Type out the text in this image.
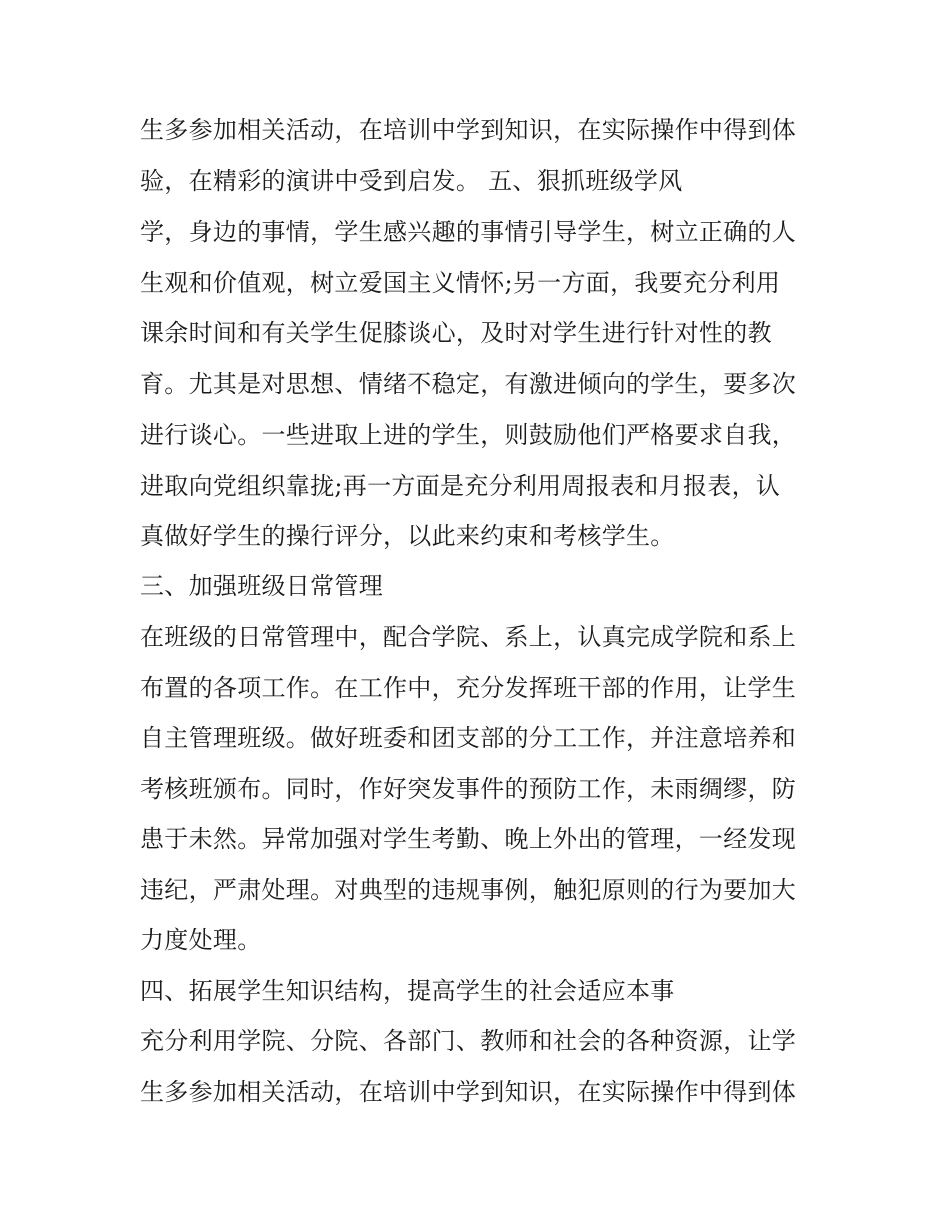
生多参加相关活动，在培训中学到知识，在实际操作中得到体
验，在精彩的演讲中受到启发。 五、狠抓班级学风
学，身边的事情，学生感兴趣的事情引导学生，树立正确的人
生观和价值观，树立爱国主义情怀;另一方面，我要充分利用
课余时间和有关学生促膝谈心，及时对学生进行针对性的教
育。尤其是对思想、情绪不稳定，有激进倾向的学生，要多次
进行谈心。一些进取上进的学生，则鼓励他们严格要求自我，
进取向党组织靠拢;再一方面是充分利用周报表和月报表，认
真做好学生的操行评分，以此来约束和考核学生。
三、加强班级日常管理
在班级的日常管理中，配合学院、系上，认真完成学院和系上
布置的各项工作。在工作中，充分发挥班干部的作用，让学生
自主管理班级。做好班委和团支部的分工工作，并注意培养和
考核班颁布。同时，作好突发事件的预防工作，未雨绸缪，防
患于未然。异常加强对学生考勤、晚上外出的管理，一经发现
违纪，严肃处理。对典型的违规事例，触犯原则的行为要加大
力度处理。
四、拓展学生知识结构，提高学生的社会适应本事
充分利用学院、分院、各部门、教师和社会的各种资源，让学
生多参加相关活动，在培训中学到知识，在实际操作中得到体
